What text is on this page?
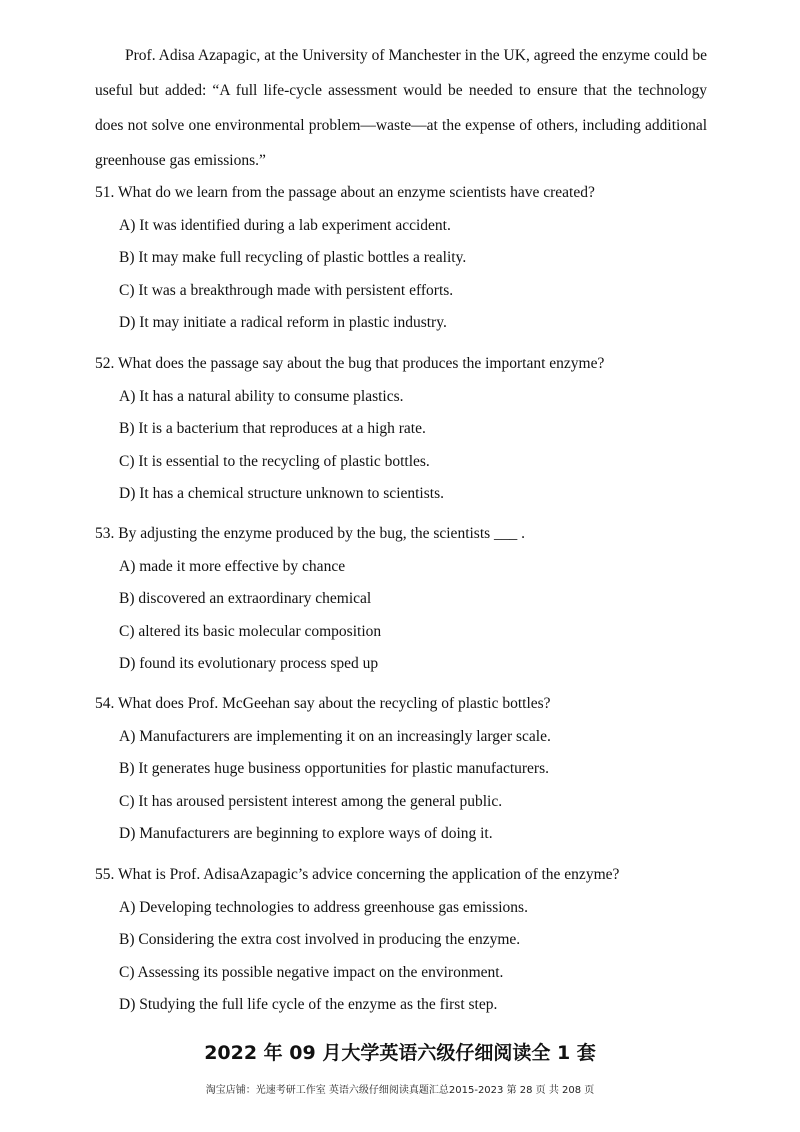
Prof. Adisa Azapagic, at the University of Manchester in the UK, agreed the enzyme could be useful but added: “A full life-cycle assessment would be needed to ensure that the technology does not solve one environmental problem—waste—at the expense of others, including additional greenhouse gas emissions.”

51. What do we learn from the passage about an enzyme scientists have created?

A) It was identified during a lab experiment accident.

B) It may make full recycling of plastic bottles a reality.

C) It was a breakthrough made with persistent efforts.

D) It may initiate a radical reform in plastic industry.

52. What does the passage say about the bug that produces the important enzyme?

A) It has a natural ability to consume plastics.

B) It is a bacterium that reproduces at a high rate.

C) It is essential to the recycling of plastic bottles.

D) It has a chemical structure unknown to scientists.

53. By adjusting the enzyme produced by the bug, the scientists ___ .

A) made it more effective by chance

B) discovered an extraordinary chemical

C) altered its basic molecular composition

D) found its evolutionary process sped up

54. What does Prof. McGeehan say about the recycling of plastic bottles?

A) Manufacturers are implementing it on an increasingly larger scale.

B) It generates huge business opportunities for plastic manufacturers.

C) It has aroused persistent interest among the general public.

D) Manufacturers are beginning to explore ways of doing it.

55. What is Prof. AdisaAzapagic’s advice concerning the application of the enzyme?

A) Developing technologies to address greenhouse gas emissions.

B) Considering the extra cost involved in producing the enzyme.

C) Assessing its possible negative impact on the environment.

D) Studying the full life cycle of the enzyme as the first step.

2022 年 09 月大学英语六级仔细阅读全 1 套

淘宝店铺：光速考研工作室 英语六级仔细阅读真题汇总2015-2023 第 28 页 共 208 页
